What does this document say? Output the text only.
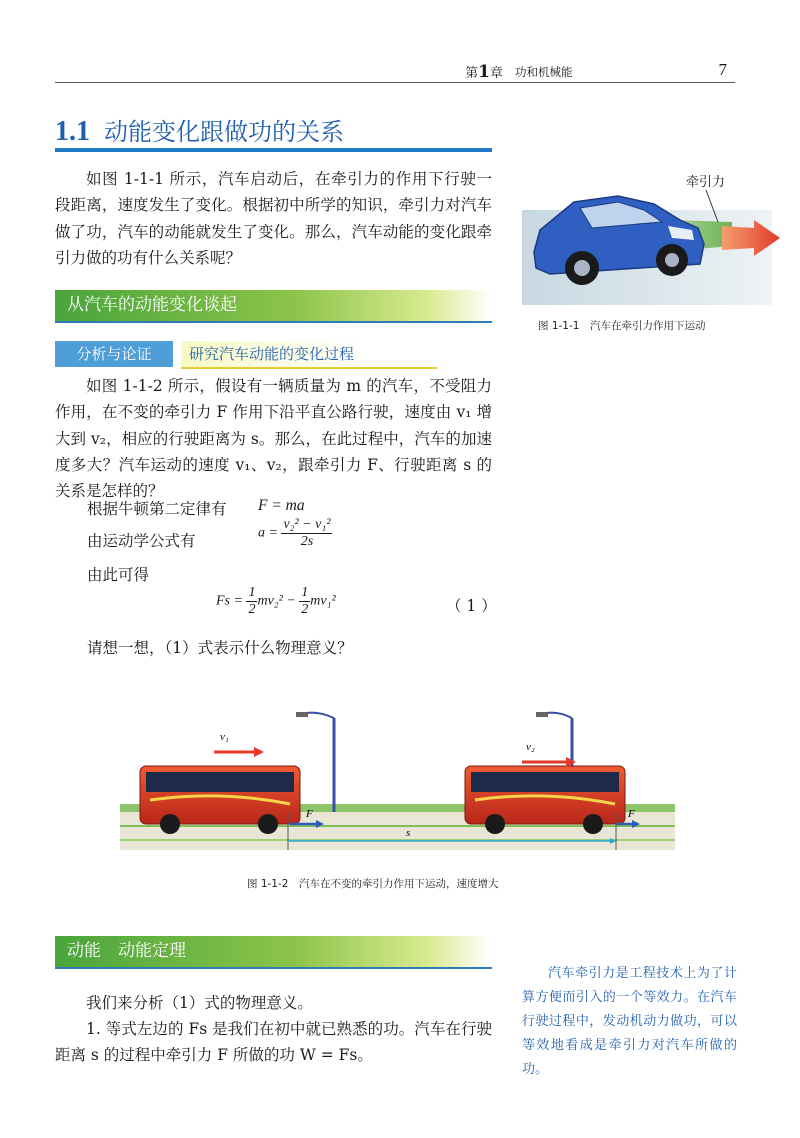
第1章 功和机械能	7
1.1 动能变化跟做功的关系

如图 1-1-1 所示，汽车启动后，在牵引力的作用下行驶一段距离，速度发生了变化。根据初中所学的知识，牵引力对汽车做了功，汽车的动能就发生了变化。那么，汽车动能的变化跟牵引力做的功有什么关系呢？

牵引力
图 1-1-1　汽车在牵引力作用下运动
从汽车的动能变化谈起
分析与论证	研究汽车动能的变化过程

如图 1-1-2 所示，假设有一辆质量为 m 的汽车，不受阻力作用，在不变的牵引力 F 作用下沿平直公路行驶，速度由 v₁ 增大到 v₂，相应的行驶距离为 s。那么，在此过程中，汽车的加速度多大？汽车运动的速度 v₁、v₂，跟牵引力 F、行驶距离 s 的关系是怎样的？

根据牛顿第二定律有 F = ma
由运动学公式有	$a = \frac{\text{v₂² − v₁²}}{2s}$
由此可得
$Fs = \frac{1}{2} mv_2^2 - \frac{1}{2} mv_1^2$	（ 1 ）
请想一想，（1）式表示什么物理意义？
v₁
v₂
F	F
s
图 1-1-2　汽车在不变的牵引力作用下运动，速度增大
动能　动能定理

我们来分析（1）式的物理意义。

1. 等式左边的 Fs 是我们在初中就已熟悉的功。汽车在行驶距离 s 的过程中牵引力 F 所做的功 W = Fs。

汽车牵引力是工程技术上为了计算方便而引入的一个等效力。在汽车行驶过程中，发动机动力做功，可以等效地看成是牵引力对汽车所做的功。
